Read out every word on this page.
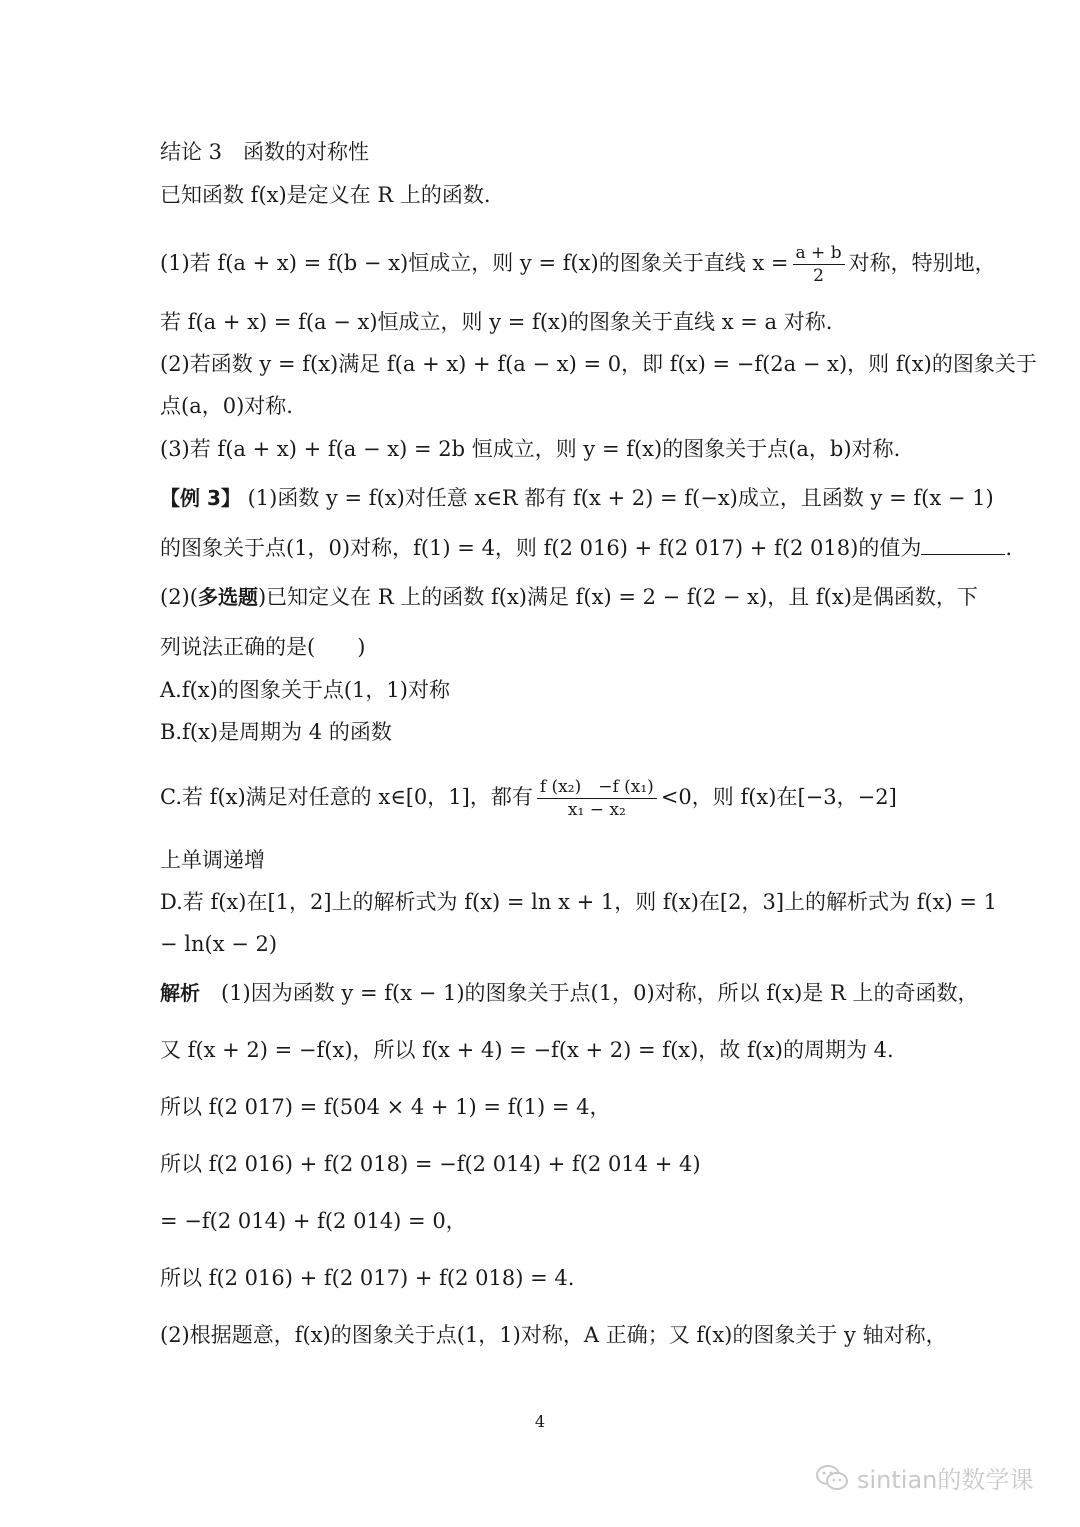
结论 3　函数的对称性
已知函数 f(x)是定义在 R 上的函数.
(1)若 f(a + x) = f(b − x)恒成立，则 y = f(x)的图象关于直线 $x = \frac{a + b}{2}$ 对称，特别地，
若 f(a + x) = f(a − x)恒成立，则 y = f(x)的图象关于直线 x = a 对称.
(2)若函数 y = f(x)满足 f(a + x) + f(a − x) = 0，即 f(x) = −f(2a − x)，则 f(x)的图象关于
点(a，0)对称.
(3)若 f(a + x) + f(a − x) = 2b 恒成立，则 y = f(x)的图象关于点(a，b)对称.
【例 3】 (1)函数 y = f(x)对任意 x∈R 都有 f(x + 2) = f(−x)成立，且函数 y = f(x − 1)
的图象关于点(1，0)对称，f(1) = 4，则 f(2 016) + f(2 017) + f(2 018)的值为	.
(2)(多选题)已知定义在 R 上的函数 f(x)满足 f(x) = 2 − f(2 − x)，且 f(x)是偶函数，下
列说法正确的是(　　)
A.f(x)的图象关于点(1，1)对称
B.f(x)是周期为 4 的函数
C.若 f(x)满足对任意的 x∈[0，1]，都有 $\frac{\text{f (x₂)　−f (x₁)}}{\text{x₁ − x₂}} <0$，则 f(x)在[−3，−2]
上单调递增
D.若 f(x)在[1，2]上的解析式为 f(x) = ln x + 1，则 f(x)在[2，3]上的解析式为 f(x) = 1
− ln(x − 2)
解析　(1)因为函数 y = f(x − 1)的图象关于点(1，0)对称，所以 f(x)是 R 上的奇函数，
又 f(x + 2) = −f(x)，所以 f(x + 4) = −f(x + 2) = f(x)，故 f(x)的周期为 4.
所以 f(2 017) = f(504 × 4 + 1) = f(1) = 4，
所以 f(2 016) + f(2 018) = −f(2 014) + f(2 014 + 4)
= −f(2 014) + f(2 014) = 0，
所以 f(2 016) + f(2 017) + f(2 018) = 4.
(2)根据题意，f(x)的图象关于点(1，1)对称，A 正确；又 f(x)的图象关于 y 轴对称，
4
sintian的数学课
